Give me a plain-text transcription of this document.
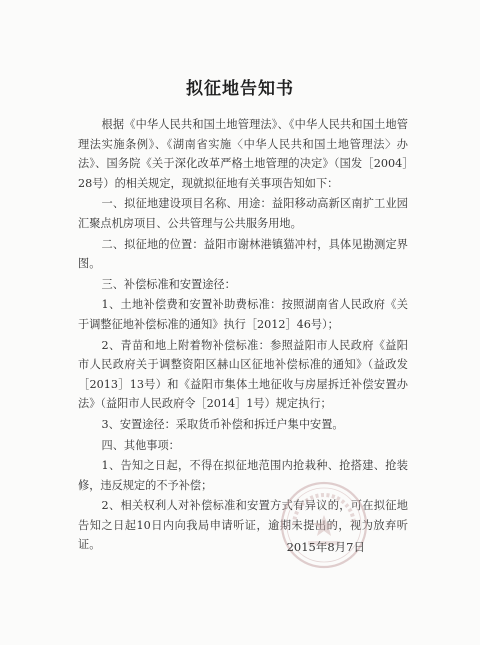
拟征地告知书

根据《中华人民共和国土地管理法》、《中华人民共和国土地管理法实施条例》、《湖南省实施〈中华人民共和国土地管理法〉办法》、国务院《关于深化改革严格土地管理的决定》（国发［2004］28号）的相关规定，现就拟征地有关事项告知如下：

一、拟征地建设项目名称、用途：益阳移动高新区南扩工业园汇聚点机房项目、公共管理与公共服务用地。

二、拟征地的位置：益阳市谢林港镇猫冲村，具体见勘测定界图。

三、补偿标准和安置途径：

1、土地补偿费和安置补助费标准：按照湖南省人民政府《关于调整征地补偿标准的通知》执行［2012］46号）；

2、青苗和地上附着物补偿标准：参照益阳市人民政府《益阳市人民政府关于调整资阳区赫山区征地补偿标准的通知》（益政发［2013］13号）和《益阳市集体土地征收与房屋拆迁补偿安置办法》（益阳市人民政府令［2014］1号）规定执行；

3、安置途径：采取货币补偿和拆迁户集中安置。

四、其他事项：

1、告知之日起，不得在拟征地范围内抢栽种、抢搭建、抢装修，违反规定的不予补偿；

2、相关权利人对补偿标准和安置方式有异议的，可在拟征地告知之日起10日内向我局申请听证，逾期未提出的，视为放弃听证。	2015年8月7日
